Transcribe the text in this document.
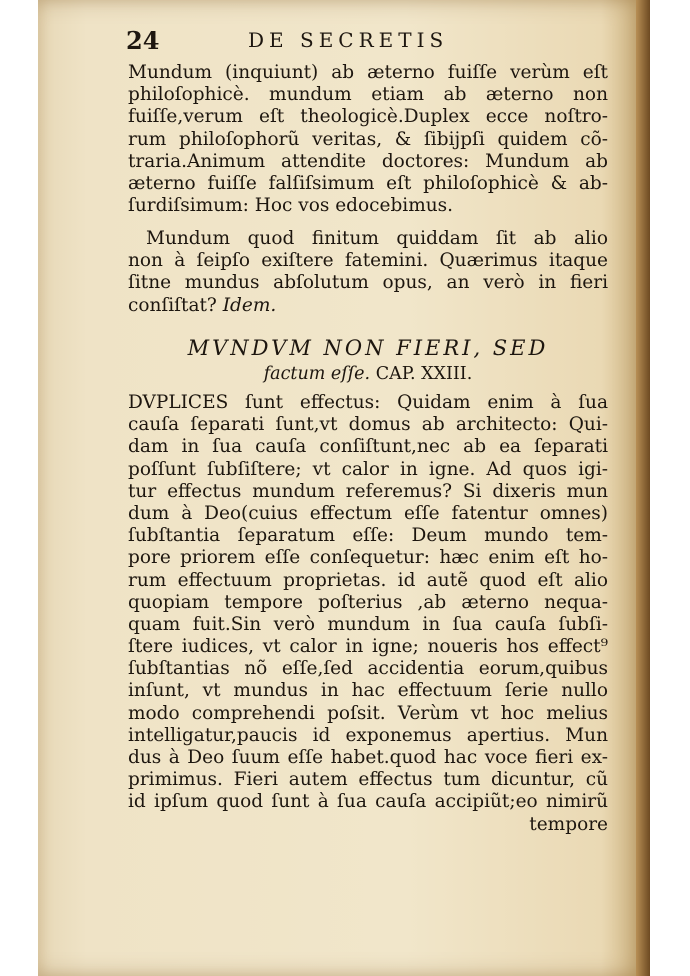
24	DE SECRETIS
Mundum (inquiunt) ab æterno fuiſſe verùm eſt
philoſophicè. mundum etiam ab æterno non
fuiſſe,verum eſt theologicè.Duplex ecce noſtro-
rum philoſophorũ veritas, & ſibijpſi quidem cõ-
traria.Animum attendite doctores: Mundum ab
æterno fuiſſe falſiſsimum eſt philoſophicè & ab-
ſurdiſsimum: Hoc vos edocebimus.
Mundum quod finitum quiddam ſit ab alio
non à ſeipſo exiſtere fatemini. Quærimus itaque
ſitne mundus abſolutum opus, an verò in fieri
conſiſtat? Idem.
MVNDVM NON FIERI, SED
factum eſſe. CAP. XXIII.
DVPLICES ſunt effectus: Quidam enim à ſua
cauſa ſeparati ſunt,vt domus ab architecto: Qui-
dam in ſua cauſa conſiſtunt,nec ab ea ſeparati
poſſunt ſubſiſtere; vt calor in igne. Ad quos igi-
tur effectus mundum referemus? Si dixeris mun
dum à Deo(cuius effectum eſſe fatentur omnes)
ſubſtantia ſeparatum eſſe: Deum mundo tem-
pore priorem eſſe conſequetur: hæc enim eſt ho-
rum effectuum proprietas. id autẽ quod eſt alio
quopiam tempore poſterius ,ab æterno nequa-
quam fuit.Sin verò mundum in ſua cauſa ſubſi-
ſtere iudices, vt calor in igne; noueris hos effect⁹
ſubſtantias nõ eſſe,ſed accidentia eorum,quibus
inſunt, vt mundus in hac effectuum ſerie nullo
modo comprehendi poſsit. Verùm vt hoc melius
intelligatur,paucis id exponemus apertius. Mun
dus à Deo ſuum eſſe habet.quod hac voce fieri ex-
primimus. Fieri autem effectus tum dicuntur, cũ
id ipſum quod ſunt à ſua cauſa accipiũt;eo nimirũ
tempore
